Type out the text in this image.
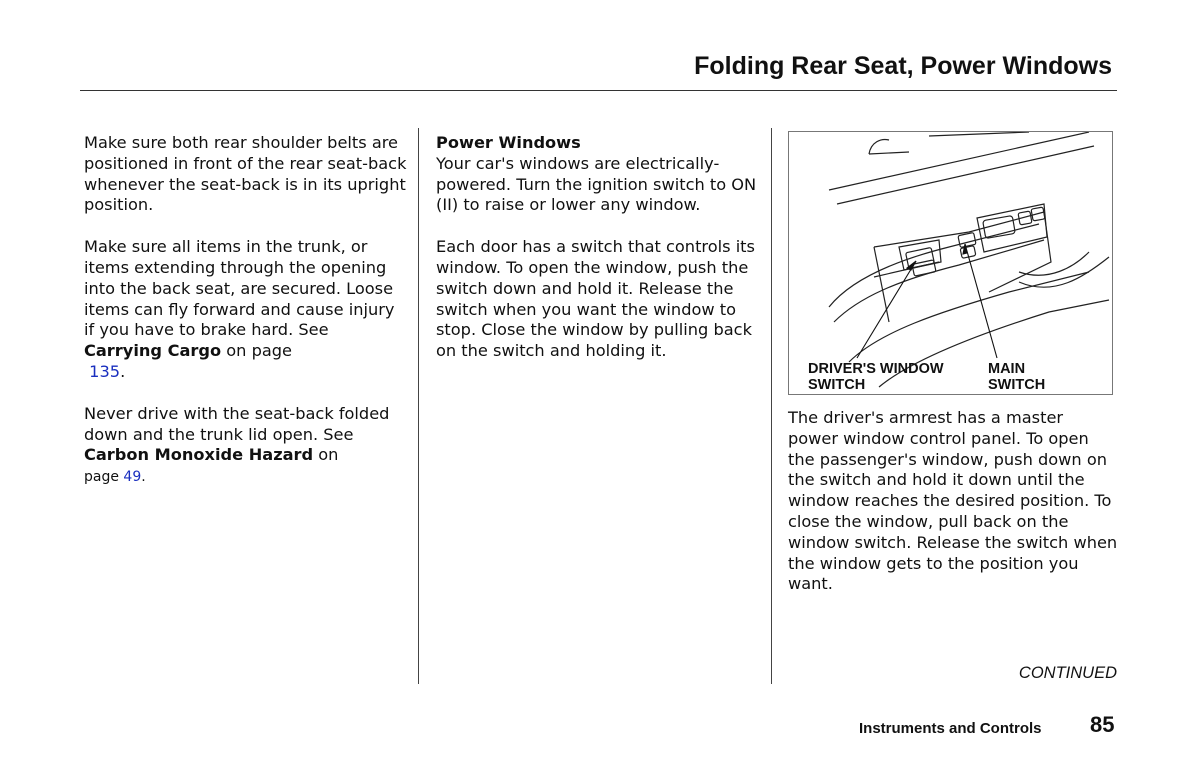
Folding Rear Seat, Power Windows

Make sure both rear shoulder belts are positioned in front of the rear seat-back whenever the seat-back is in its upright position.

Make sure all items in the trunk, or items extending through the opening into the back seat, are secured. Loose items can fly forward and cause injury if you have to brake hard. See Carrying Cargo on page
135.

Never drive with the seat-back folded down and the trunk lid open. See Carbon Monoxide Hazard on
page 49.

Power Windows

Your car's windows are electrically-powered. Turn the ignition switch to ON (II) to raise or lower any window.

Each door has a switch that controls its window. To open the window, push the switch down and hold it. Release the switch when you want the window to stop. Close the window by pulling back on the switch and holding it.

DRIVER'S WINDOW
SWITCH
MAIN
SWITCH

The driver's armrest has a master power window control panel. To open the passenger's window, push down on the switch and hold it down until the window reaches the desired position. To close the window, pull back on the window switch. Release the switch when the window gets to the position you want.

CONTINUED
Instruments and Controls 85
